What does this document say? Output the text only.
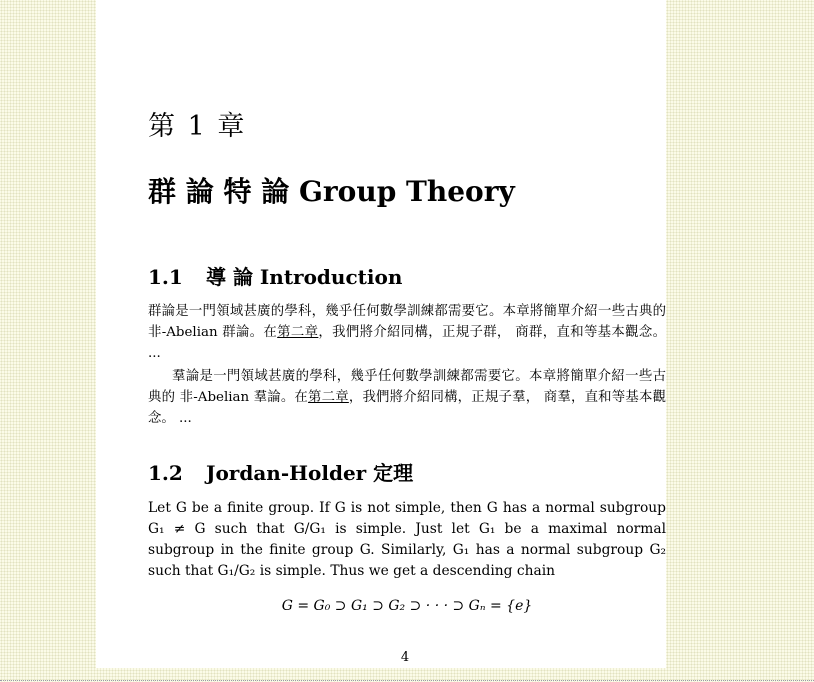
第 1 章
群 論 特 論 Group Theory
1.1 導 論 Introduction
群論是一門領域甚廣的學科，幾乎任何數學訓練都需要它。本章將簡單介紹一些古典的 非-Abelian 群論。在第二章，我們將介紹同構，正規子群， 商群，直和等基本觀念。 ...
羣論是一門領域甚廣的學科，幾乎任何數學訓練都需要它。本章將簡單介紹一些古典的 非-Abelian 羣論。在第二章，我們將介紹同構，正規子羣， 商羣，直和等基本觀念。 ...
1.2 Jordan-Holder 定理
Let G be a finite group. If G is not simple, then G has a normal subgroup G₁ ≠ G such that G/G₁ is simple. Just let G₁ be a maximal normal subgroup in the finite group G. Similarly, G₁ has a normal subgroup G₂ such that G₁/G₂ is simple. Thus we get a descending chain
G = G₀ ⊃ G₁ ⊃ G₂ ⊃ · · · ⊃ Gₙ = {e}
4
